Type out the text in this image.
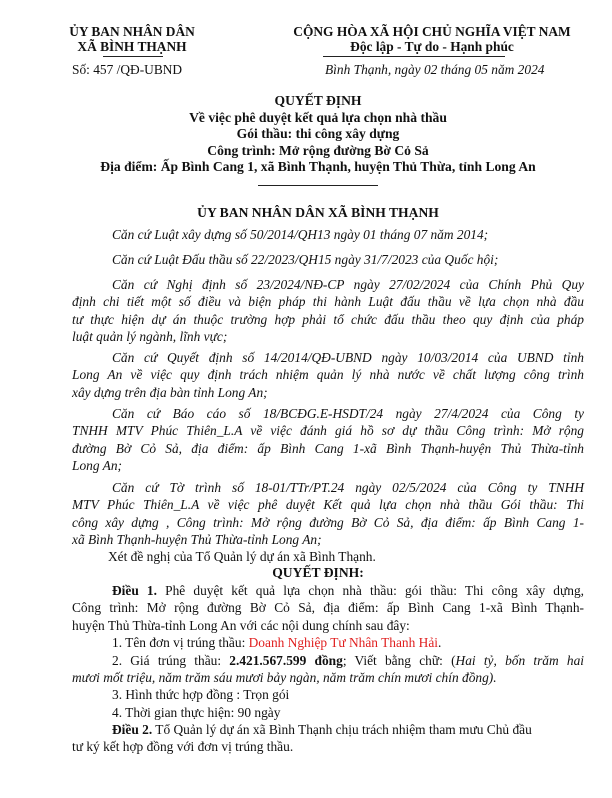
ỦY BAN NHÂN DÂN
XÃ BÌNH THẠNH
Số: 457 /QĐ-UBND
CỘNG HÒA XÃ HỘI CHỦ NGHĨA VIỆT NAM
Độc lập - Tự do - Hạnh phúc
Bình Thạnh, ngày 02 tháng 05 năm 2024
QUYẾT ĐỊNH
Về việc phê duyệt kết quả lựa chọn nhà thầu
Gói thầu: thi công xây dựng
Công trình: Mở rộng đường Bờ Cỏ Sả
Địa điểm: Ấp Bình Cang 1, xã Bình Thạnh, huyện Thủ Thừa, tỉnh Long An
ỦY BAN NHÂN DÂN XÃ BÌNH THẠNH
Căn cứ Luật xây dựng số 50/2014/QH13 ngày 01 tháng 07 năm 2014;
Căn cứ Luật Đấu thầu số 22/2023/QH15 ngày 31/7/2023 của Quốc hội;
Căn cứ Nghị định số 23/2024/NĐ-CP ngày 27/02/2024 của Chính Phủ Quy
định chi tiết một số điều và biện pháp thi hành Luật đấu thầu về lựa chọn nhà đầu
tư thực hiện dự án thuộc trường hợp phải tổ chức đấu thầu theo quy định của pháp
luật quản lý ngành, lĩnh vực;
Căn cứ Quyết định số 14/2014/QĐ-UBND ngày 10/03/2014 của UBND tỉnh
Long An về việc quy định trách nhiệm quản lý nhà nước về chất lượng công trình
xây dựng trên địa bàn tỉnh Long An;
Căn cứ Báo cáo số 18/BCĐG.E-HSDT/24 ngày 27/4/2024 của Công ty
TNHH MTV Phúc Thiên_L.A về việc đánh giá hồ sơ dự thầu Công trình: Mở rộng
đường Bờ Cỏ Sả, địa điểm: ấp Bình Cang 1-xã Bình Thạnh-huyện Thủ Thừa-tỉnh
Long An;
Căn cứ Tờ trình số 18-01/TTr/PT.24 ngày 02/5/2024 của Công ty TNHH
MTV Phúc Thiên_L.A về việc phê duyệt Kết quả lựa chọn nhà thầu Gói thầu: Thi
công xây dựng , Công trình: Mở rộng đường Bờ Cỏ Sả, địa điểm: ấp Bình Cang 1-
xã Bình Thạnh-huyện Thủ Thừa-tỉnh Long An;
Xét đề nghị của Tổ Quản lý dự án xã Bình Thạnh.
QUYẾT ĐỊNH:
Điều 1. Phê duyệt kết quả lựa chọn nhà thầu: gói thầu: Thi công xây dựng,
Công trình: Mở rộng đường Bờ Cỏ Sả, địa điểm: ấp Bình Cang 1-xã Bình Thạnh-
huyện Thủ Thừa-tỉnh Long An với các nội dung chính sau đây:
1. Tên đơn vị trúng thầu: Doanh Nghiệp Tư Nhân Thanh Hải.
2. Giá trúng thầu: 2.421.567.599 đồng; Viết bằng chữ: (Hai tỷ, bốn trăm hai
mươi mốt triệu, năm trăm sáu mươi bảy ngàn, năm trăm chín mươi chín đồng).
3. Hình thức hợp đồng : Trọn gói
4. Thời gian thực hiện: 90 ngày
Điều 2. Tổ Quản lý dự án xã Bình Thạnh chịu trách nhiệm tham mưu Chủ đầu
tư ký kết hợp đồng với đơn vị trúng thầu.
